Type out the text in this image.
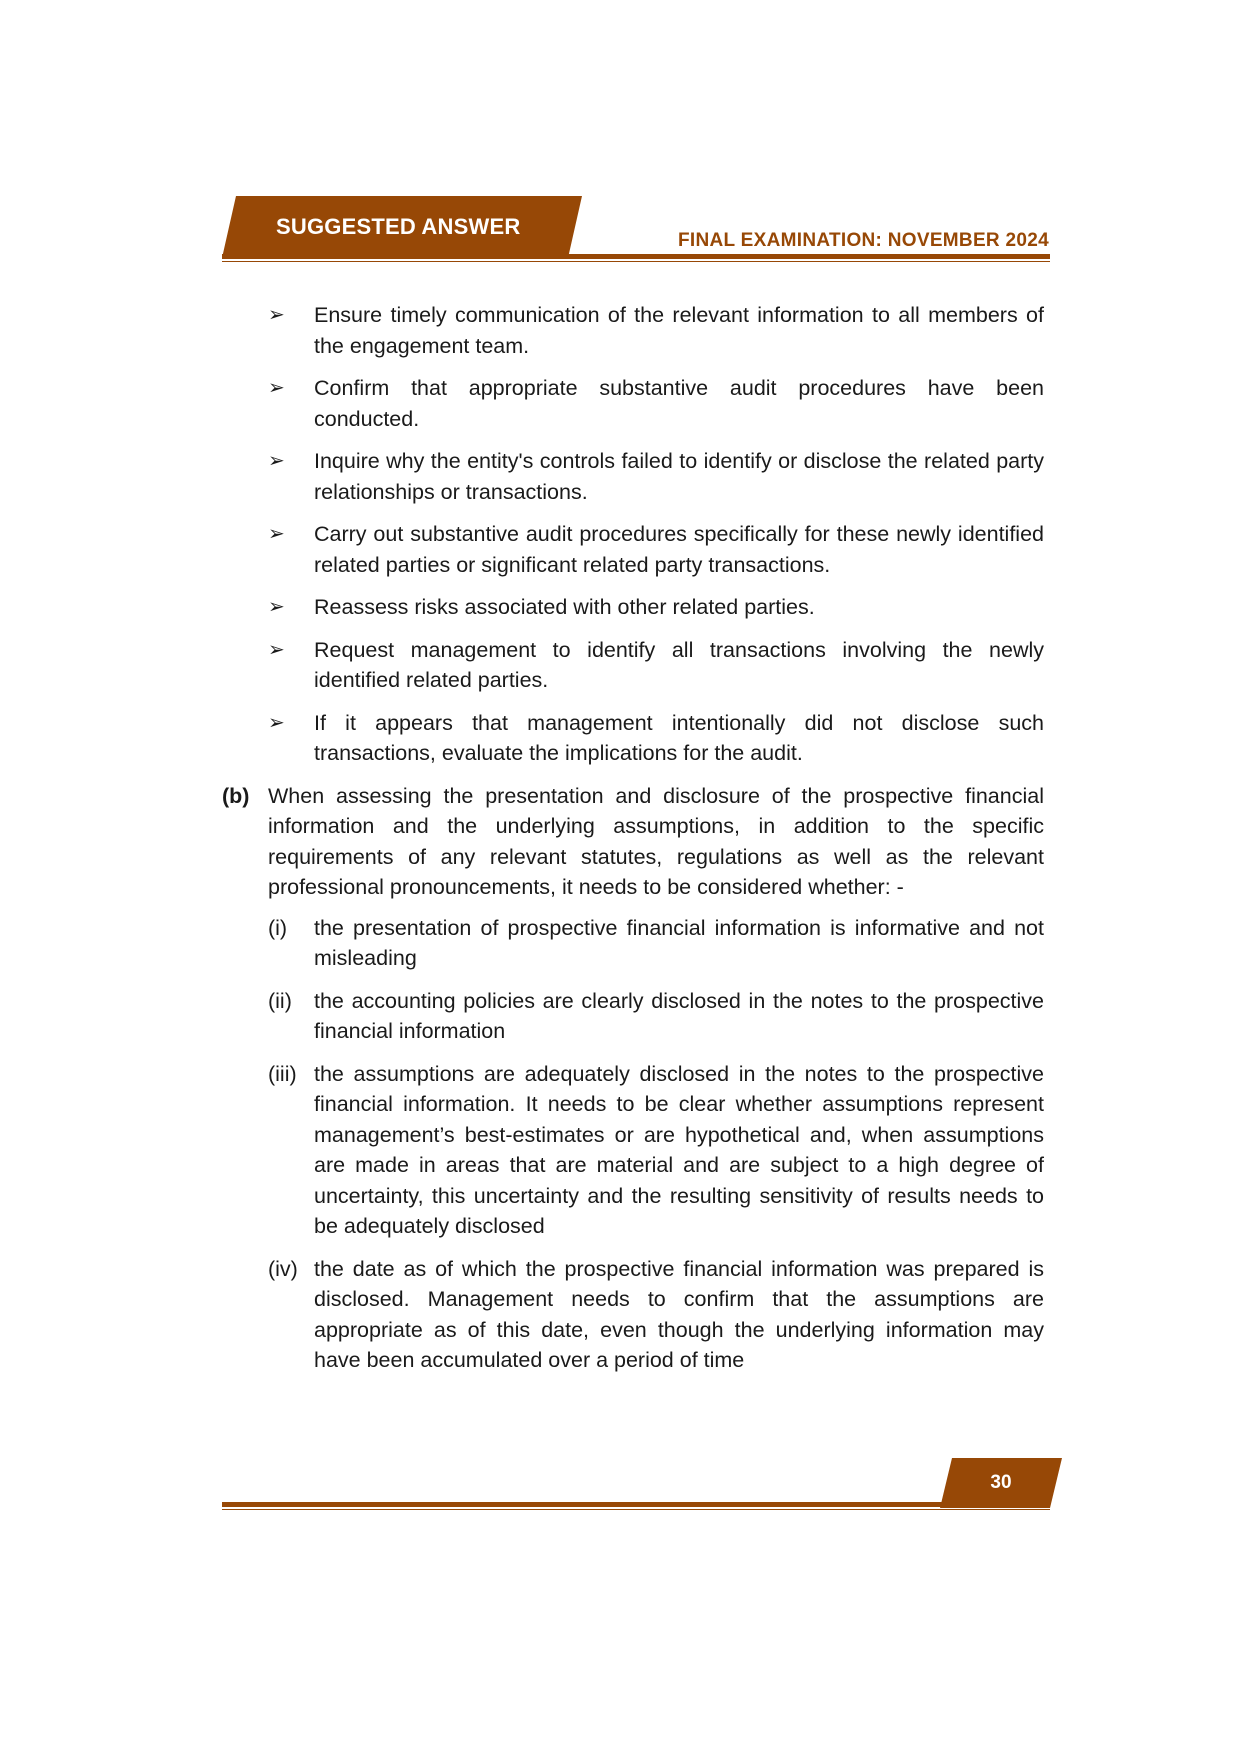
SUGGESTED ANSWER
FINAL EXAMINATION: NOVEMBER 2024
➢ Ensure timely communication of the relevant information to all members of the engagement team.
➢ Confirm that appropriate substantive audit procedures have been conducted.
➢ Inquire why the entity's controls failed to identify or disclose the related party relationships or transactions.
➢ Carry out substantive audit procedures specifically for these newly identified related parties or significant related party transactions.
➢ Reassess risks associated with other related parties.
➢ Request management to identify all transactions involving the newly identified related parties.
➢ If it appears that management intentionally did not disclose such transactions, evaluate the implications for the audit.
(b) When assessing the presentation and disclosure of the prospective financial information and the underlying assumptions, in addition to the specific requirements of any relevant statutes, regulations as well as the relevant professional pronouncements, it needs to be considered whether: -
(i) the presentation of prospective financial information is informative and not misleading
(ii) the accounting policies are clearly disclosed in the notes to the prospective financial information
(iii) the assumptions are adequately disclosed in the notes to the prospective financial information. It needs to be clear whether assumptions represent management’s best-estimates or are hypothetical and, when assumptions are made in areas that are material and are subject to a high degree of uncertainty, this uncertainty and the resulting sensitivity of results needs to be adequately disclosed
(iv) the date as of which the prospective financial information was prepared is disclosed. Management needs to confirm that the assumptions are appropriate as of this date, even though the underlying information may have been accumulated over a period of time
30
